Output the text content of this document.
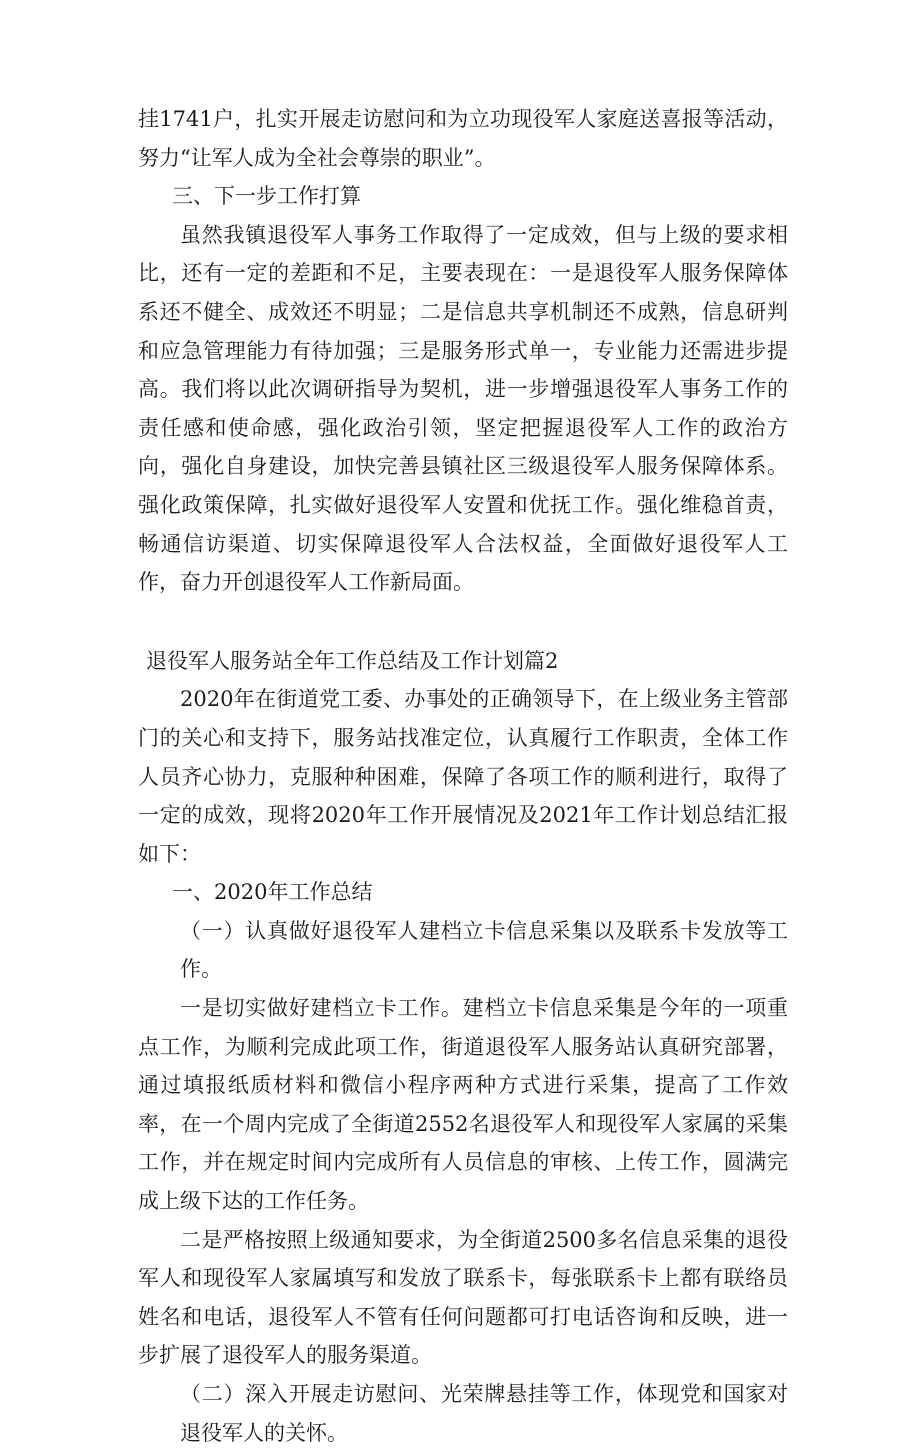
挂1741户，扎实开展走访慰问和为立功现役军人家庭送喜报等活动，努力“让军人成为全社会尊崇的职业”。

三、下一步工作打算

虽然我镇退役军人事务工作取得了一定成效，但与上级的要求相比，还有一定的差距和不足，主要表现在：一是退役军人服务保障体系还不健全、成效还不明显；二是信息共享机制还不成熟，信息研判和应急管理能力有待加强；三是服务形式单一，专业能力还需进步提高。我们将以此次调研指导为契机，进一步增强退役军人事务工作的责任感和使命感，强化政治引领，坚定把握退役军人工作的政治方向，强化自身建设，加快完善县镇社区三级退役军人服务保障体系。强化政策保障，扎实做好退役军人安置和优抚工作。强化维稳首责，畅通信访渠道、切实保障退役军人合法权益，全面做好退役军人工作，奋力开创退役军人工作新局面。

退役军人服务站全年工作总结及工作计划篇2

2020年在街道党工委、办事处的正确领导下，在上级业务主管部门的关心和支持下，服务站找准定位，认真履行工作职责，全体工作人员齐心协力，克服种种困难，保障了各项工作的顺利进行，取得了一定的成效，现将2020年工作开展情况及2021年工作计划总结汇报如下：

一、2020年工作总结

（一）认真做好退役军人建档立卡信息采集以及联系卡发放等工作。

一是切实做好建档立卡工作。建档立卡信息采集是今年的一项重点工作，为顺利完成此项工作，街道退役军人服务站认真研究部署，通过填报纸质材料和微信小程序两种方式进行采集，提高了工作效率，在一个周内完成了全街道2552名退役军人和现役军人家属的采集工作，并在规定时间内完成所有人员信息的审核、上传工作，圆满完成上级下达的工作任务。

二是严格按照上级通知要求，为全街道2500多名信息采集的退役军人和现役军人家属填写和发放了联系卡，每张联系卡上都有联络员姓名和电话，退役军人不管有任何问题都可打电话咨询和反映，进一步扩展了退役军人的服务渠道。

（二）深入开展走访慰问、光荣牌悬挂等工作，体现党和国家对退役军人的关怀。
